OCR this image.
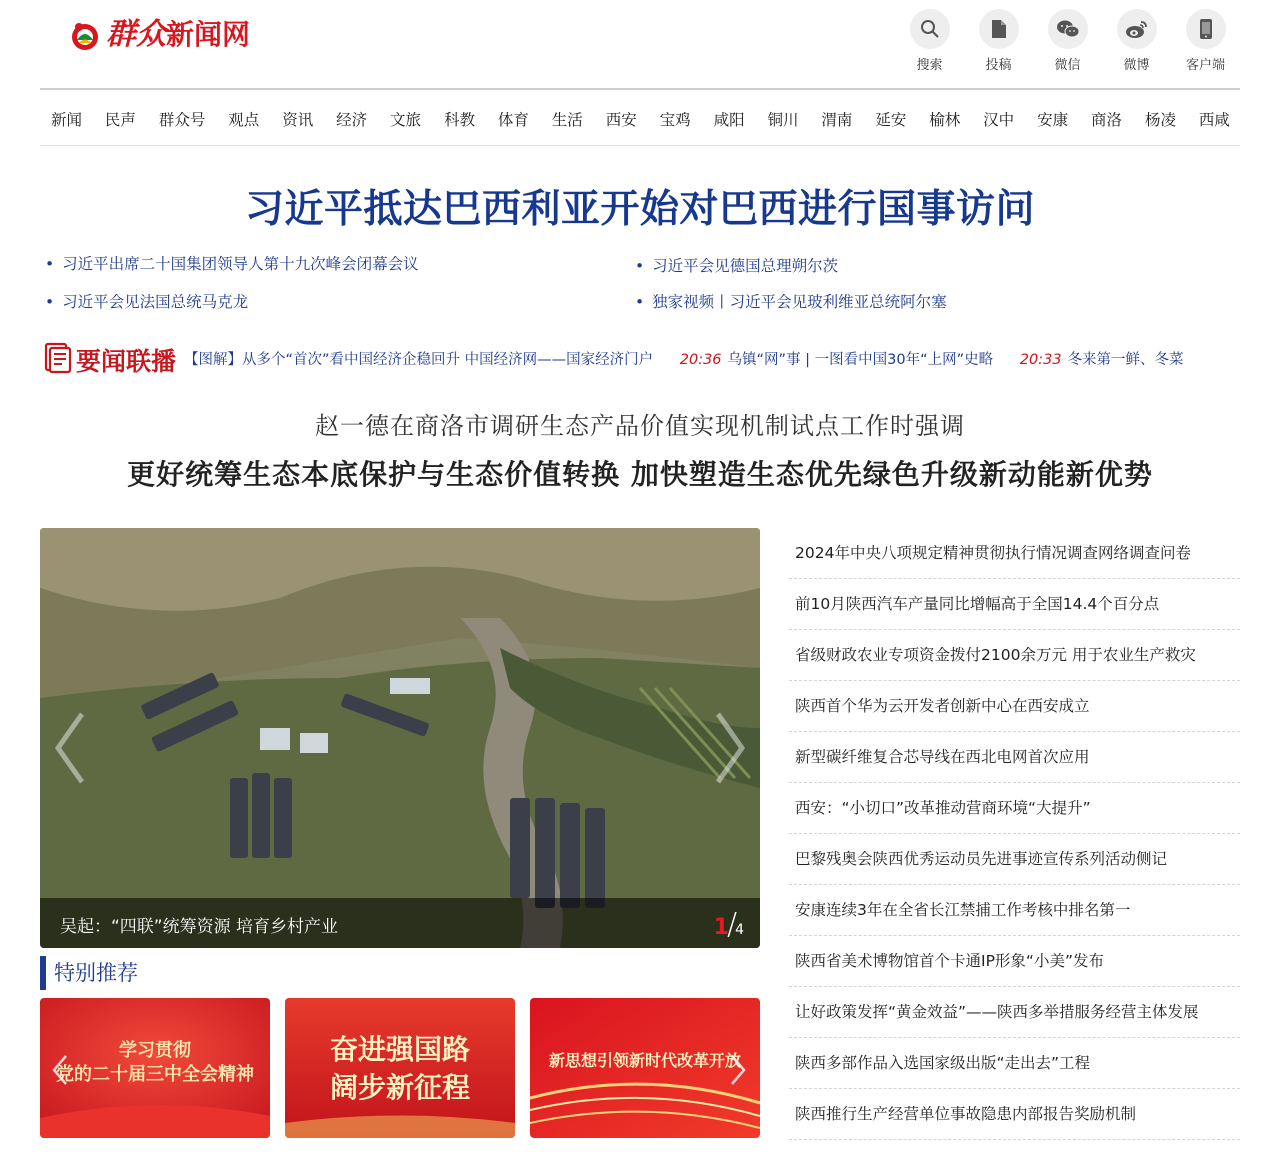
群众新闻网
搜索	投稿	微信	微博	客户端
新闻 民声 群众号 观点 资讯 经济 文旅 科教 体育 生活 西安 宝鸡 咸阳 铜川 渭南 延安 榆林 汉中 安康 商洛 杨凌 西咸
习近平抵达巴西利亚开始对巴西进行国事访问
• 习近平出席二十国集团领导人第十九次峰会闭幕会议	• 习近平会见德国总理朔尔茨
• 习近平会见法国总统马克龙	• 独家视频丨习近平会见玻利维亚总统阿尔塞
要闻联播 【图解】从多个“首次”看中国经济企稳回升 中国经济网——国家经济门户 20:36 乌镇“网”事 | 一图看中国30年“上网”史略 20:33 冬来第一鲜、冬菜
赵一德在商洛市调研生态产品价值实现机制试点工作时强调
更好统筹生态本底保护与生态价值转换 加快塑造生态优先绿色升级新动能新优势
吴起：“四联”统筹资源 培育乡村产业	1/4
特别推荐
学习贯彻
党的二十届三中全会精神
奋进强国路
阔步新征程
新思想引领新时代改革开放
2024年中央八项规定精神贯彻执行情况调查网络调查问卷
前10月陕西汽车产量同比增幅高于全国14.4个百分点
省级财政农业专项资金拨付2100余万元 用于农业生产救灾
陕西首个华为云开发者创新中心在西安成立
新型碳纤维复合芯导线在西北电网首次应用
西安：“小切口”改革推动营商环境“大提升”
巴黎残奥会陕西优秀运动员先进事迹宣传系列活动侧记
安康连续3年在全省长江禁捕工作考核中排名第一
陕西省美术博物馆首个卡通IP形象“小美”发布
让好政策发挥“黄金效益”——陕西多举措服务经营主体发展
陕西多部作品入选国家级出版“走出去”工程
陕西推行生产经营单位事故隐患内部报告奖励机制
